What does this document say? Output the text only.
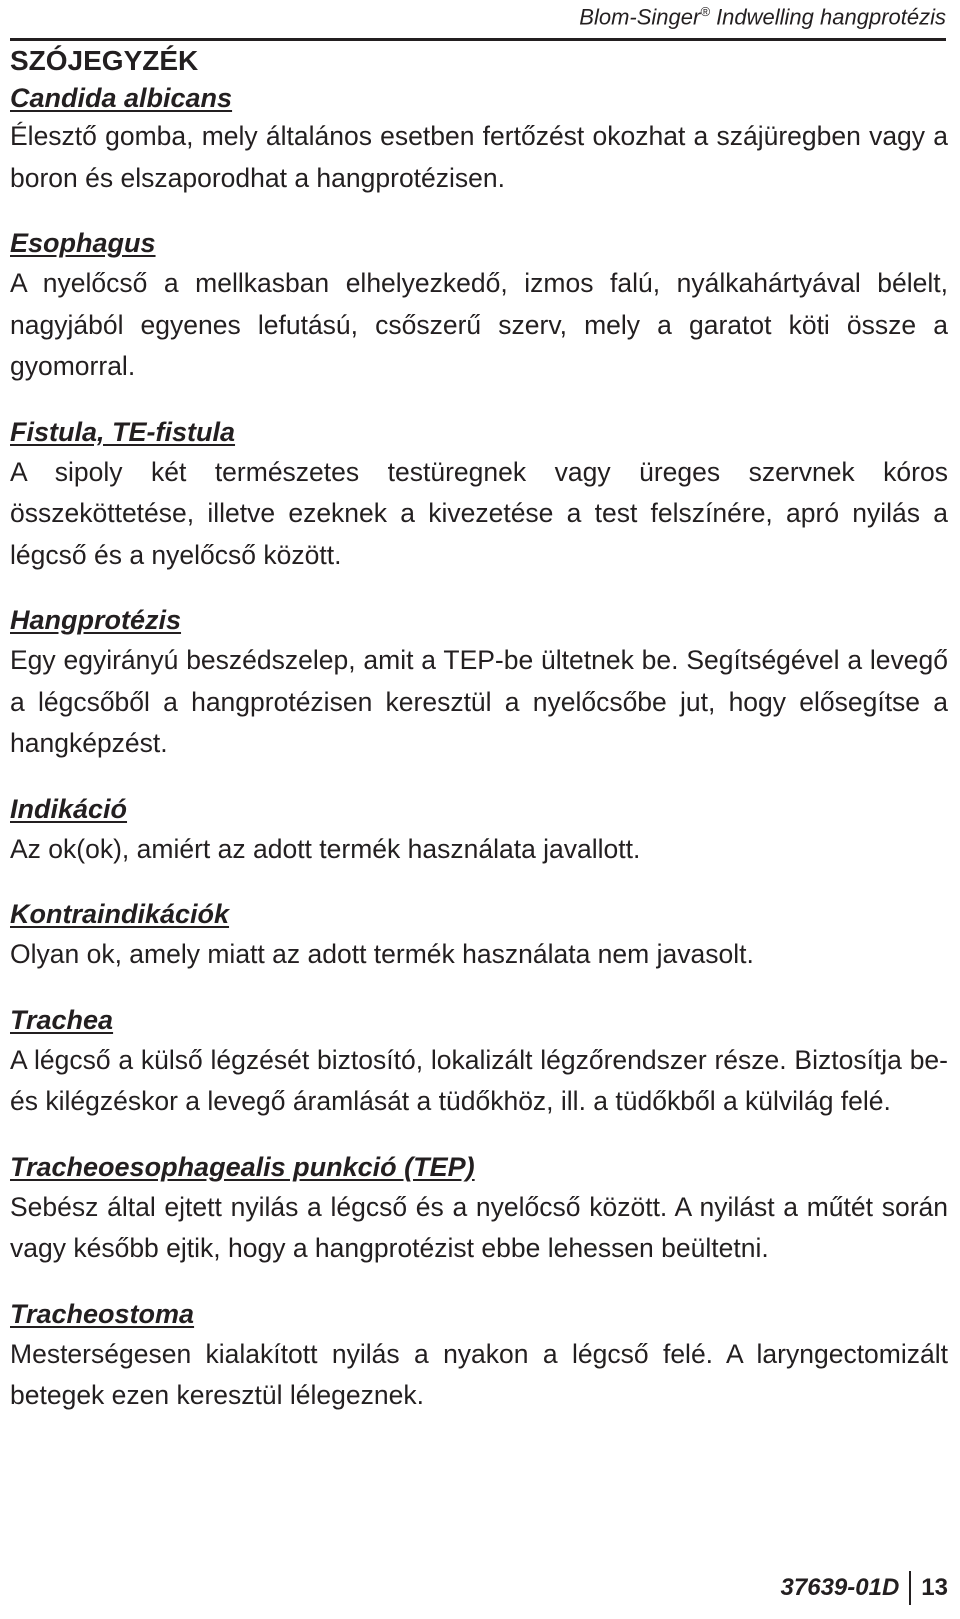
Blom-Singer® Indwelling hangprotézis
SZÓJEGYZÉK

Candida albicans

Élesztő gomba, mely általános esetben fertőzést okozhat a szájüregben vagy a boron és elszaporodhat a hangprotézisen.

Esophagus

A nyelőcső a mellkasban elhelyezkedő, izmos falú, nyálkahártyával bélelt, nagyjából egyenes lefutású, csőszerű szerv, mely a garatot köti össze a gyomorral.

Fistula, TE-fistula

A sipoly két természetes testüregnek vagy üreges szervnek kóros összeköttetése, illetve ezeknek a kivezetése a test felszínére, apró nyilás a légcső és a nyelőcső között.

Hangprotézis

Egy egyirányú beszédszelep, amit a TEP-be ültetnek be. Segítségével a levegő a légcsőből a hangprotézisen keresztül a nyelőcsőbe jut, hogy elősegítse a hangképzést.

Indikáció

Az ok(ok), amiért az adott termék használata javallott.

Kontraindikációk

Olyan ok, amely miatt az adott termék használata nem javasolt.

Trachea

A légcső a külső légzését biztosító, lokalizált légzőrendszer része. Biztosítja be- és kilégzéskor a levegő áramlását a tüdőkhöz, ill. a tüdőkből a külvilág felé.

Tracheoesophagealis punkció (TEP)

Sebész által ejtett nyilás a légcső és a nyelőcső között. A nyilást a műtét során vagy később ejtik, hogy a hangprotézist ebbe lehessen beültetni.

Tracheostoma

Mesterségesen kialakított nyilás a nyakon a légcső felé. A laryngectomizált betegek ezen keresztül lélegeznek.

37639-01D 13
